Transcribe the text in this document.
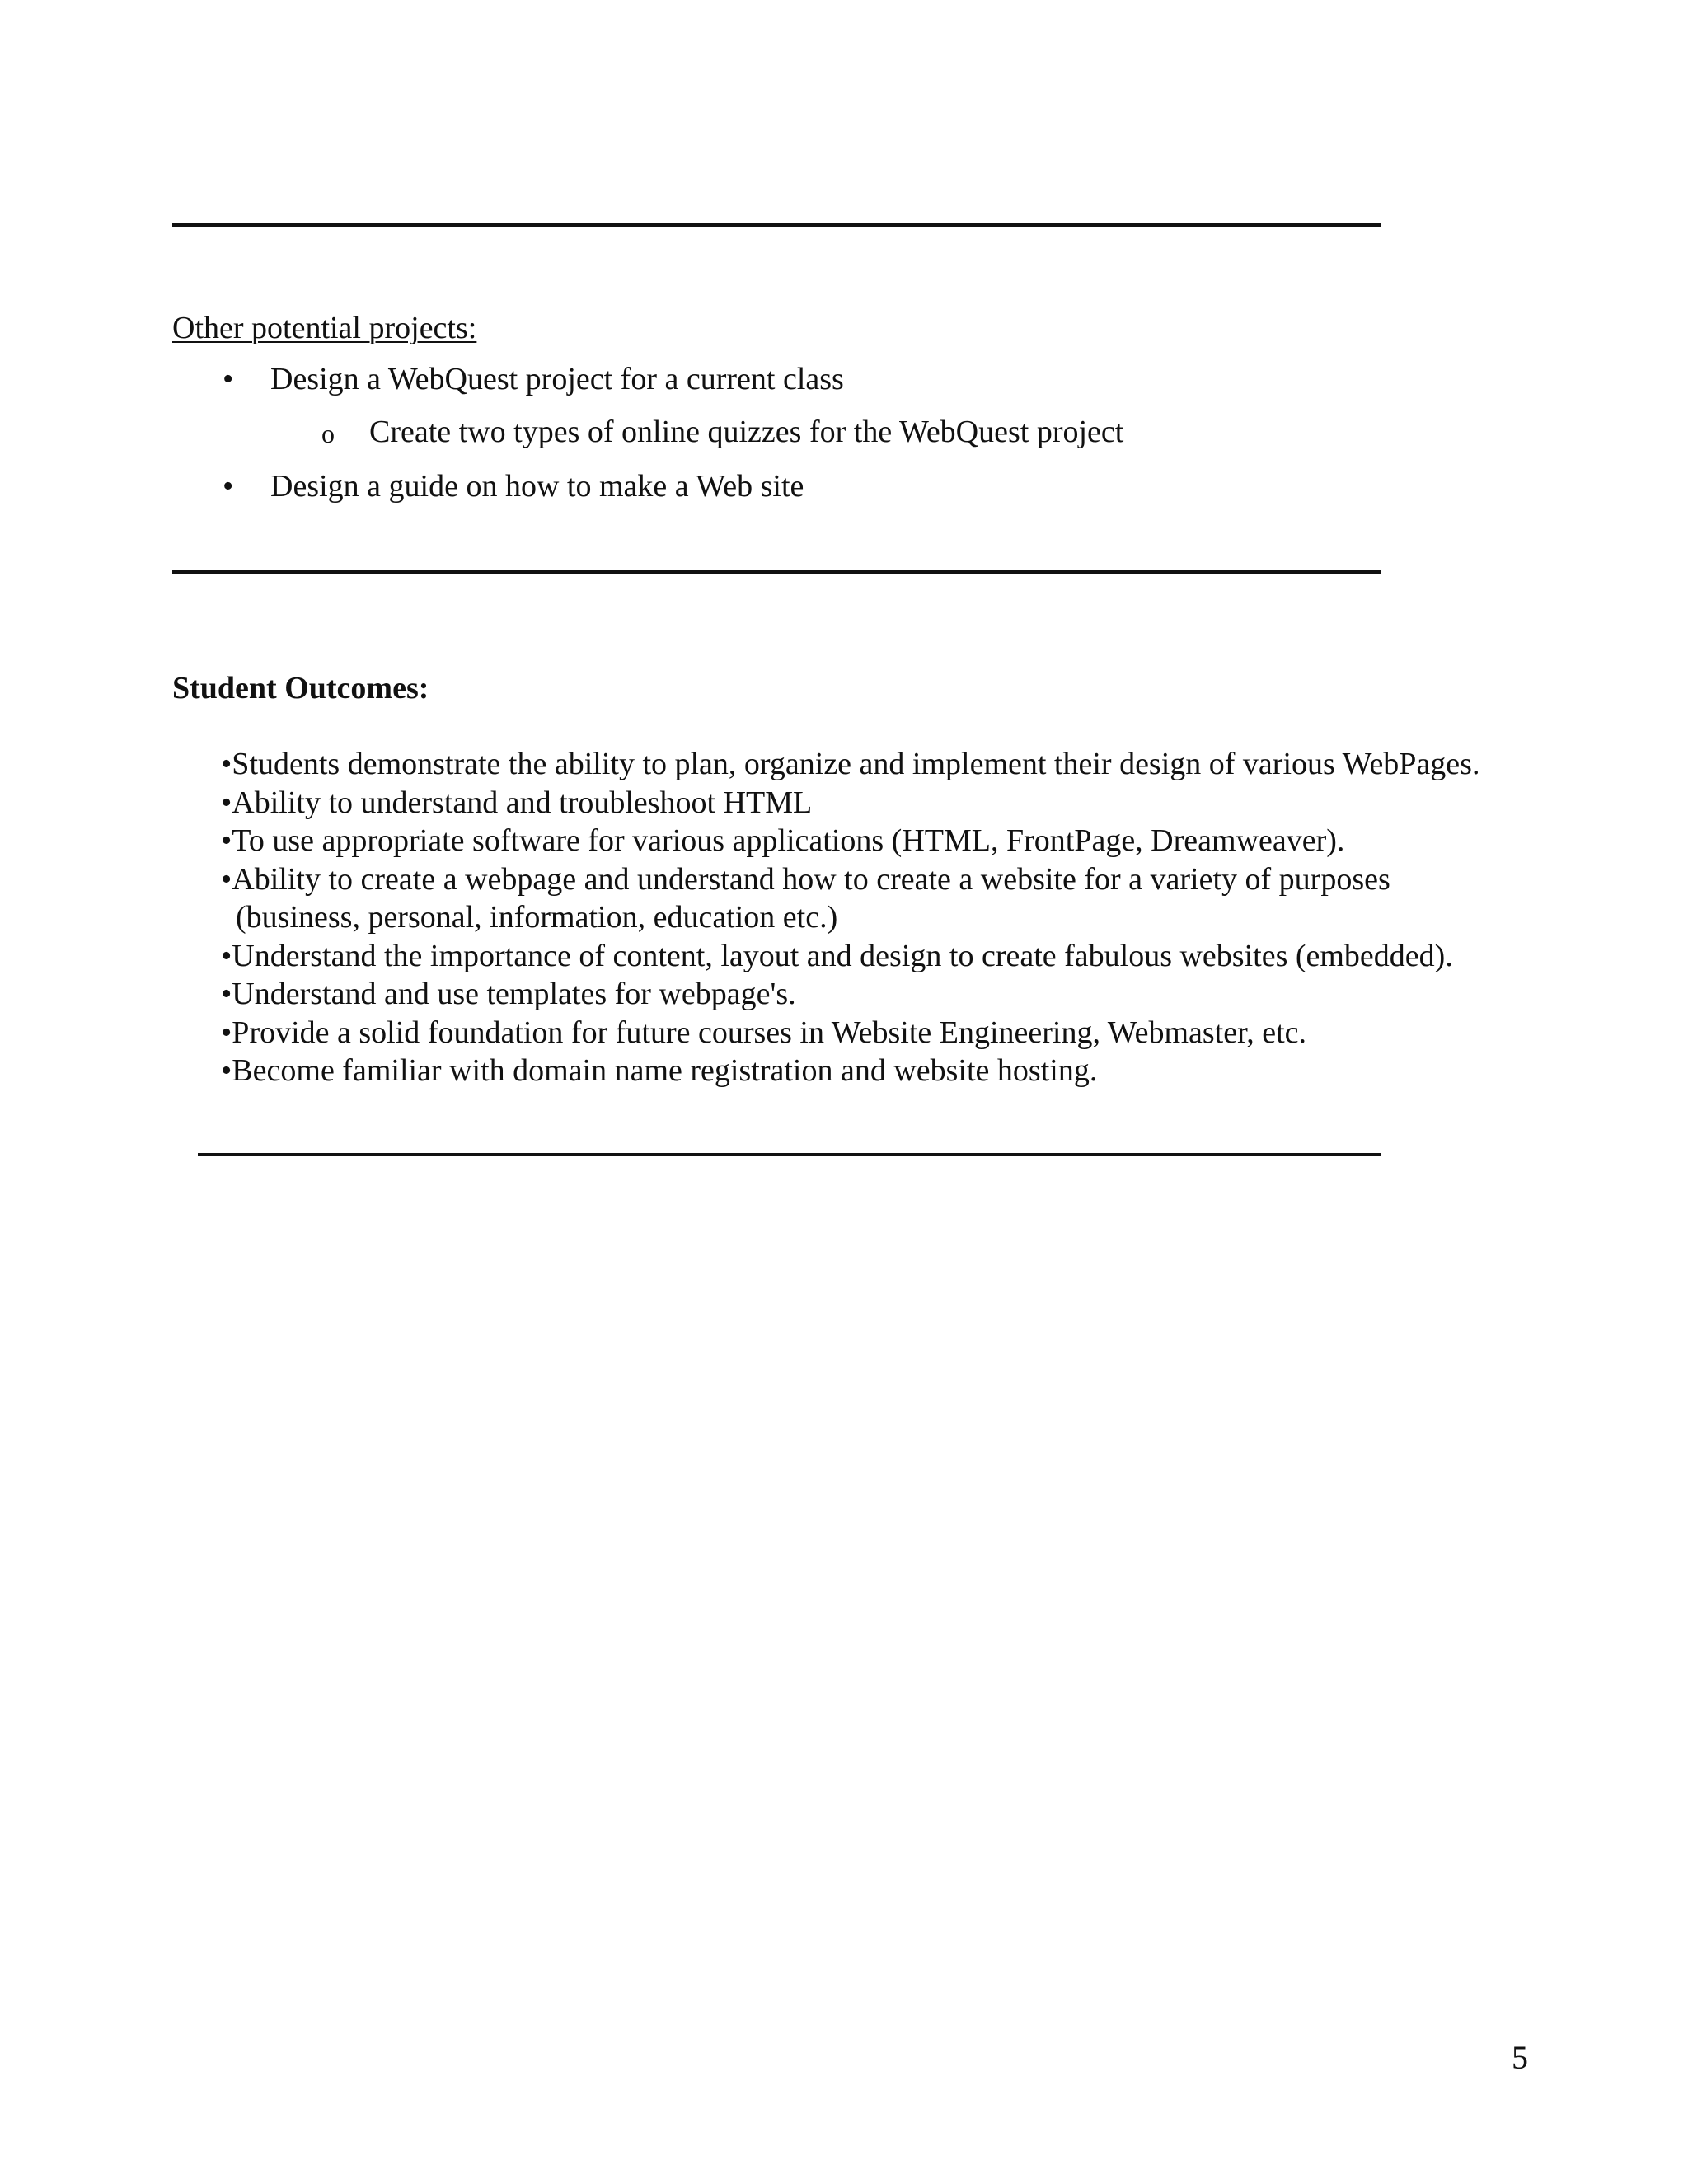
Other potential projects:
• Design a WebQuest project for a current class
o Create two types of online quizzes for the WebQuest project
• Design a guide on how to make a Web site
Student Outcomes:
•Students demonstrate the ability to plan, organize and implement their design of various WebPages.
•Ability to understand and troubleshoot HTML
•To use appropriate software for various applications (HTML, FrontPage, Dreamweaver).
•Ability to create a webpage and understand how to create a website for a variety of purposes
(business, personal, information, education etc.)
•Understand the importance of content, layout and design to create fabulous websites (embedded).
•Understand and use templates for webpage's.
•Provide a solid foundation for future courses in Website Engineering, Webmaster, etc.
•Become familiar with domain name registration and website hosting.
5
